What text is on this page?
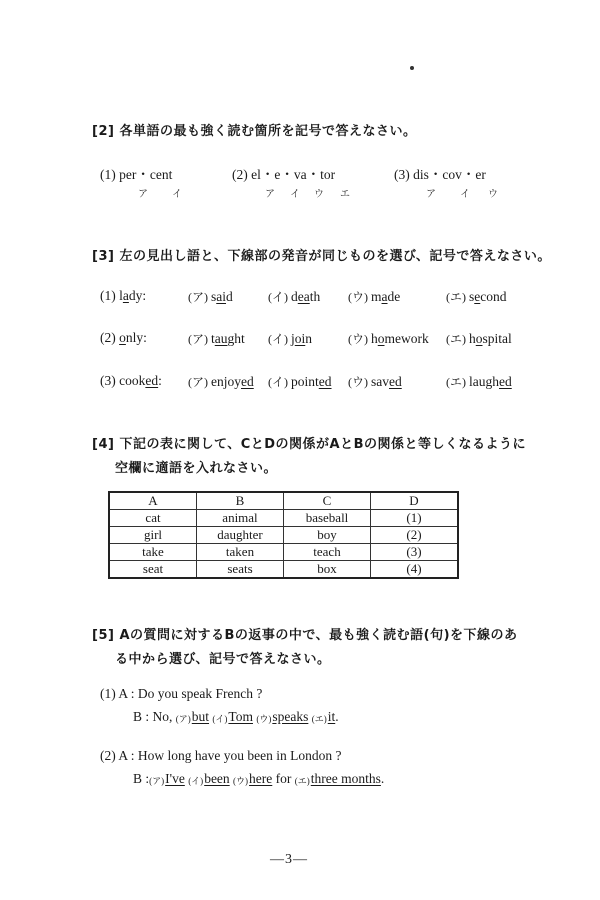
[2] 各単語の最も強く読む箇所を記号で答えなさい。
(1) per・cent
ア イ
(2) el・e・va・tor
ア イ ウ エ
(3) dis・cov・er
ア イ ウ
[3] 左の見出し語と、下線部の発音が同じものを選び、記号で答えなさい。
(1) lady:	(ア) s ai d	(イ) d ea th (ウ) m a de	(エ) s e cond
(2) only:	(ア) t au ght (イ) j oi n	(ウ) h o mework (エ) h o spital
(3) cooked: (ア) enjoy ed (イ) point ed (ウ) sav ed	(エ) laugh ed
[4] 下記の表に関して、CとDの関係がAとBの関係と等しくなるように
空欄に適語を入れなさい。
A	B	C	D
cat	animal	baseball	(1)
girl	daughter	boy	(2)
take	taken	teach	(3)
seat	seats	box	(4)
[5] Aの質問に対するBの返事の中で、最も強く読む語(句)を下線のあ
る中から選び、記号で答えなさい。
(1) A : Do you speak French ?
B : No, (ア)but (イ)Tom (ウ)speaks (エ)it.
(2) A : How long have you been in London ?
B :(ア)I've (イ)been (ウ)here for (エ)three months.
—3—
